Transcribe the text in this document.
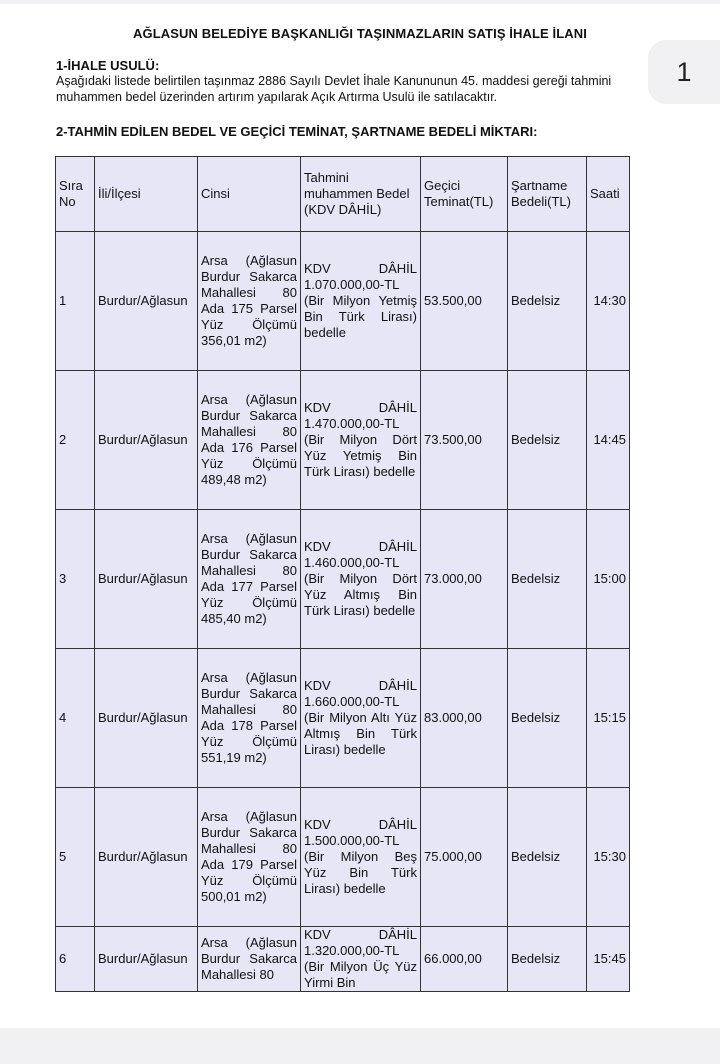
AĞLASUN BELEDİYE BAŞKANLIĞI TAŞINMAZLARIN SATIŞ İHALE İLANI
1-İHALE USULÜ:
Aşağıdaki listede belirtilen taşınmaz 2886 Sayılı Devlet İhale Kanununun 45. maddesi gereği tahmini muhammen bedel üzerinden artırım yapılarak Açık Artırma Usulü ile satılacaktır.
2-TAHMİN EDİLEN BEDEL VE GEÇİCİ TEMİNAT, ŞARTNAME BEDELİ MİKTARI:
Sıra No	İli/İlçesi	Cinsi	Tahmini muhammen Bedel (KDV DÂHİL)	Geçici Teminat(TL)	Şartname Bedeli(TL)	Saati
1	Burdur/Ağlasun	Arsa (Ağlasun Burdur Sakarca Mahallesi 80 Ada 175 Parsel Yüz Ölçümü 356,01 m2)	KDV DÂHİL 1.070.000,00-TL (Bir Milyon Yetmiş Bin Türk Lirası) bedelle	53.500,00	Bedelsiz	14:30
2	Burdur/Ağlasun	Arsa (Ağlasun Burdur Sakarca Mahallesi 80 Ada 176 Parsel Yüz Ölçümü 489,48 m2)	KDV DÂHİL 1.470.000,00-TL (Bir Milyon Dört Yüz Yetmiş Bin Türk Lirası) bedelle	73.500,00	Bedelsiz	14:45
3	Burdur/Ağlasun	Arsa (Ağlasun Burdur Sakarca Mahallesi 80 Ada 177 Parsel Yüz Ölçümü 485,40 m2)	KDV DÂHİL 1.460.000,00-TL (Bir Milyon Dört Yüz Altmış Bin Türk Lirası) bedelle	73.000,00	Bedelsiz	15:00
4	Burdur/Ağlasun	Arsa (Ağlasun Burdur Sakarca Mahallesi 80 Ada 178 Parsel Yüz Ölçümü 551,19 m2)	KDV DÂHİL 1.660.000,00-TL (Bir Milyon Altı Yüz Altmış Bin Türk Lirası) bedelle	83.000,00	Bedelsiz	15:15
5	Burdur/Ağlasun	Arsa (Ağlasun Burdur Sakarca Mahallesi 80 Ada 179 Parsel Yüz Ölçümü 500,01 m2)	KDV DÂHİL 1.500.000,00-TL (Bir Milyon Beş Yüz Bin Türk Lirası) bedelle	75.000,00	Bedelsiz	15:30
6	Burdur/Ağlasun	Arsa (Ağlasun Burdur Sakarca Mahallesi 80	KDV DÂHİL 1.320.000,00-TL (Bir Milyon Üç Yüz Yirmi Bin	66.000,00	Bedelsiz	15:45
1
